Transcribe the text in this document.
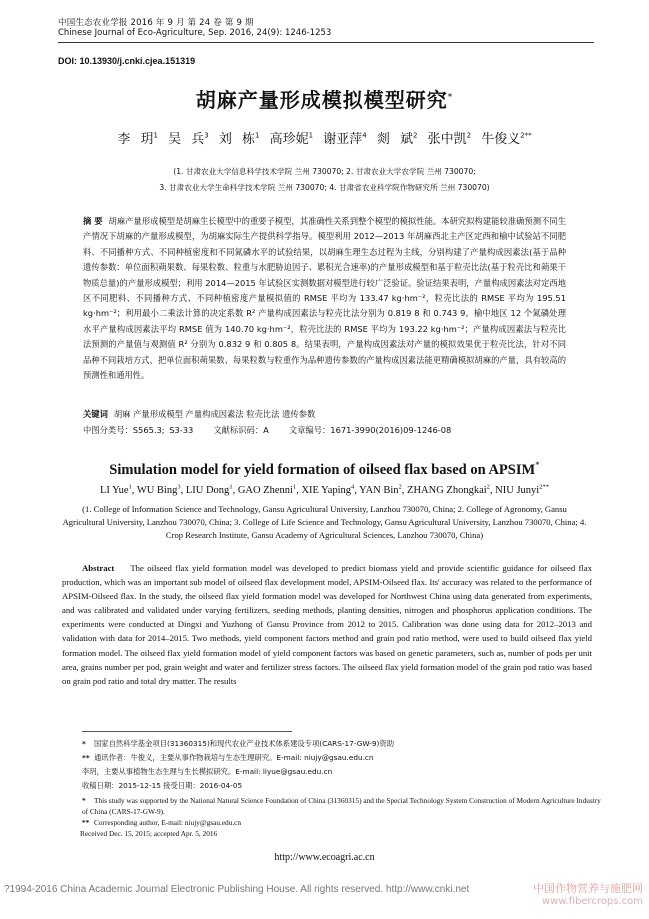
中国生态农业学报 2016 年 9 月 第 24 卷 第 9 期
Chinese Journal of Eco-Agriculture, Sep. 2016, 24(9): 1246-1253
DOI: 10.13930/j.cnki.cjea.151319
胡麻产量形成模拟模型研究*
李 玥$^1$ 吴 兵$^3$ 刘 栋$^1$ 高珍妮$^1$ 谢亚萍$^4$ 剡 斌$^2$ 张中凯$^2$ 牛俊义$^{2**}$
(1. 甘肃农业大学信息科学技术学院 兰州 730070; 2. 甘肃农业大学农学院 兰州 730070;
3. 甘肃农业大学生命科学技术学院 兰州 730070; 4. 甘肃省农业科学院作物研究所 兰州 730070)
摘 要 胡麻产量形成模型是胡麻生长模型中的重要子模型，其准确性关系到整个模型的模拟性能。本研究拟构建能较准确预测不同生产情况下胡麻的产量形成模型，为胡麻实际生产提供科学指导。模型利用 2012—2013 年胡麻西北主产区定西和榆中试验站不同肥料、不同播种方式、不同种植密度和不同氮磷水平的试验结果，以胡麻生理生态过程为主线，分别构建了产量构成因素法(基于品种遗传参数：单位面积蒴果数、每果粒数、粒重与水肥胁迫因子、累积光合速率)的产量形成模型和基于粒壳比法(基于粒壳比和蒴果干物质总量)的产量形成模型；利用 2014—2015 年试验区实测数据对模型进行较广泛验证。验证结果表明，产量构成因素法对定西地区不同肥料、不同播种方式、不同种植密度产量模拟值的 RMSE 平均为 133.47 kg·hm⁻²，粒壳比法的 RMSE 平均为 195.51 kg·hm⁻²；利用最小二乘法计算的决定系数 R² 产量构成因素法与粒壳比法分别为 0.819 8 和 0.743 9。榆中地区 12 个氮磷处理水平产量构成因素法平均 RMSE 值为 140.70 kg·hm⁻²，粒壳比法的 RMSE 平均为 193.22 kg·hm⁻²；产量构成因素法与粒壳比法预测的产量值与观测值 R² 分别为 0.832 9 和 0.805 8。结果表明，产量构成因素法对产量的模拟效果优于粒壳比法，针对不同品种不同栽培方式，把单位面积蒴果数、每果粒数与粒重作为品种遗传参数的产量构成因素法能更精确模拟胡麻的产量，具有较高的预测性和通用性。
关键词 胡麻 产量形成模型 产量构成因素法 粒壳比法 遗传参数
中图分类号：S565.3; S3-33 文献标识码：A 文章编号：1671-3990(2016)09-1246-08
Simulation model for yield formation of oilseed flax based on APSIM*
LI Yue$^1$, WU Bing$^3$, LIU Dong$^1$, GAO Zhenni$^1$, XIE Yaping$^4$, YAN Bin$^2$, ZHANG Zhongkai$^2$, NIU Junyi$^{2**}$
(1. College of Information Science and Technology, Gansu Agricultural University, Lanzhou 730070, China; 2. College of Agronomy, Gansu Agricultural University, Lanzhou 730070, China; 3. College of Life Science and Technology, Gansu Agricultural University, Lanzhou 730070, China; 4. Crop Research Institute, Gansu Academy of Agricultural Sciences, Lanzhou 730070, China)
Abstract The oilseed flax yield formation model was developed to predict biomass yield and provide scientific guidance for oilseed flax production, which was an important sub model of oilseed flax development model, APSIM-Oilseed flax. Its' accuracy was related to the performance of APSIM-Oilseed flax. In the study, the oilseed flax yield formation model was developed for Northwest China using data generated from experiments, and was calibrated and validated under varying fertilizers, seeding methods, planting densities, nitrogen and phosphorus application conditions. The experiments were conducted at Dingxi and Yuzhong of Gansu Province from 2012 to 2015. Calibration was done using data for 2012–2013 and validation with data for 2014–2015. Two methods, yield component factors method and grain pod ratio method, were used to build oilseed flax yield formation model. The oilseed flax yield formation model of yield component factors was based on genetic parameters, such as, number of pods per unit area, grains number per pod, grain weight and water and fertilizer stress factors. The oilseed flax yield formation model of the grain pod ratio was based on grain pod ratio and total dry matter. The results
* 国家自然科学基金项目(31360315)和现代农业产业技术体系建设专项(CARS-17-GW-9)资助
** 通讯作者：牛俊义，主要从事作物栽培与生态生理研究。E-mail: niujy@gsau.edu.cn
李玥，主要从事植物生态生理与生长模拟研究。E-mail: liyue@gsau.edu.cn
收稿日期：2015-12-15 接受日期：2016-04-05
* This study was supported by the National Natural Science Foundation of China (31360315) and the Special Technology System Construction of Modern Agriculture Industry of China (CARS-17-GW-9).
** Corresponding author, E-mail: niujy@gsau.edu.cn
Received Dec. 15, 2015; accepted Apr. 5, 2016
http://www.ecoagri.ac.cn
?1994-2016 China Academic Journal Electronic Publishing House. All rights reserved. http://www.cnki.net	中国作物营养与施肥网
www.fibercrops.com
